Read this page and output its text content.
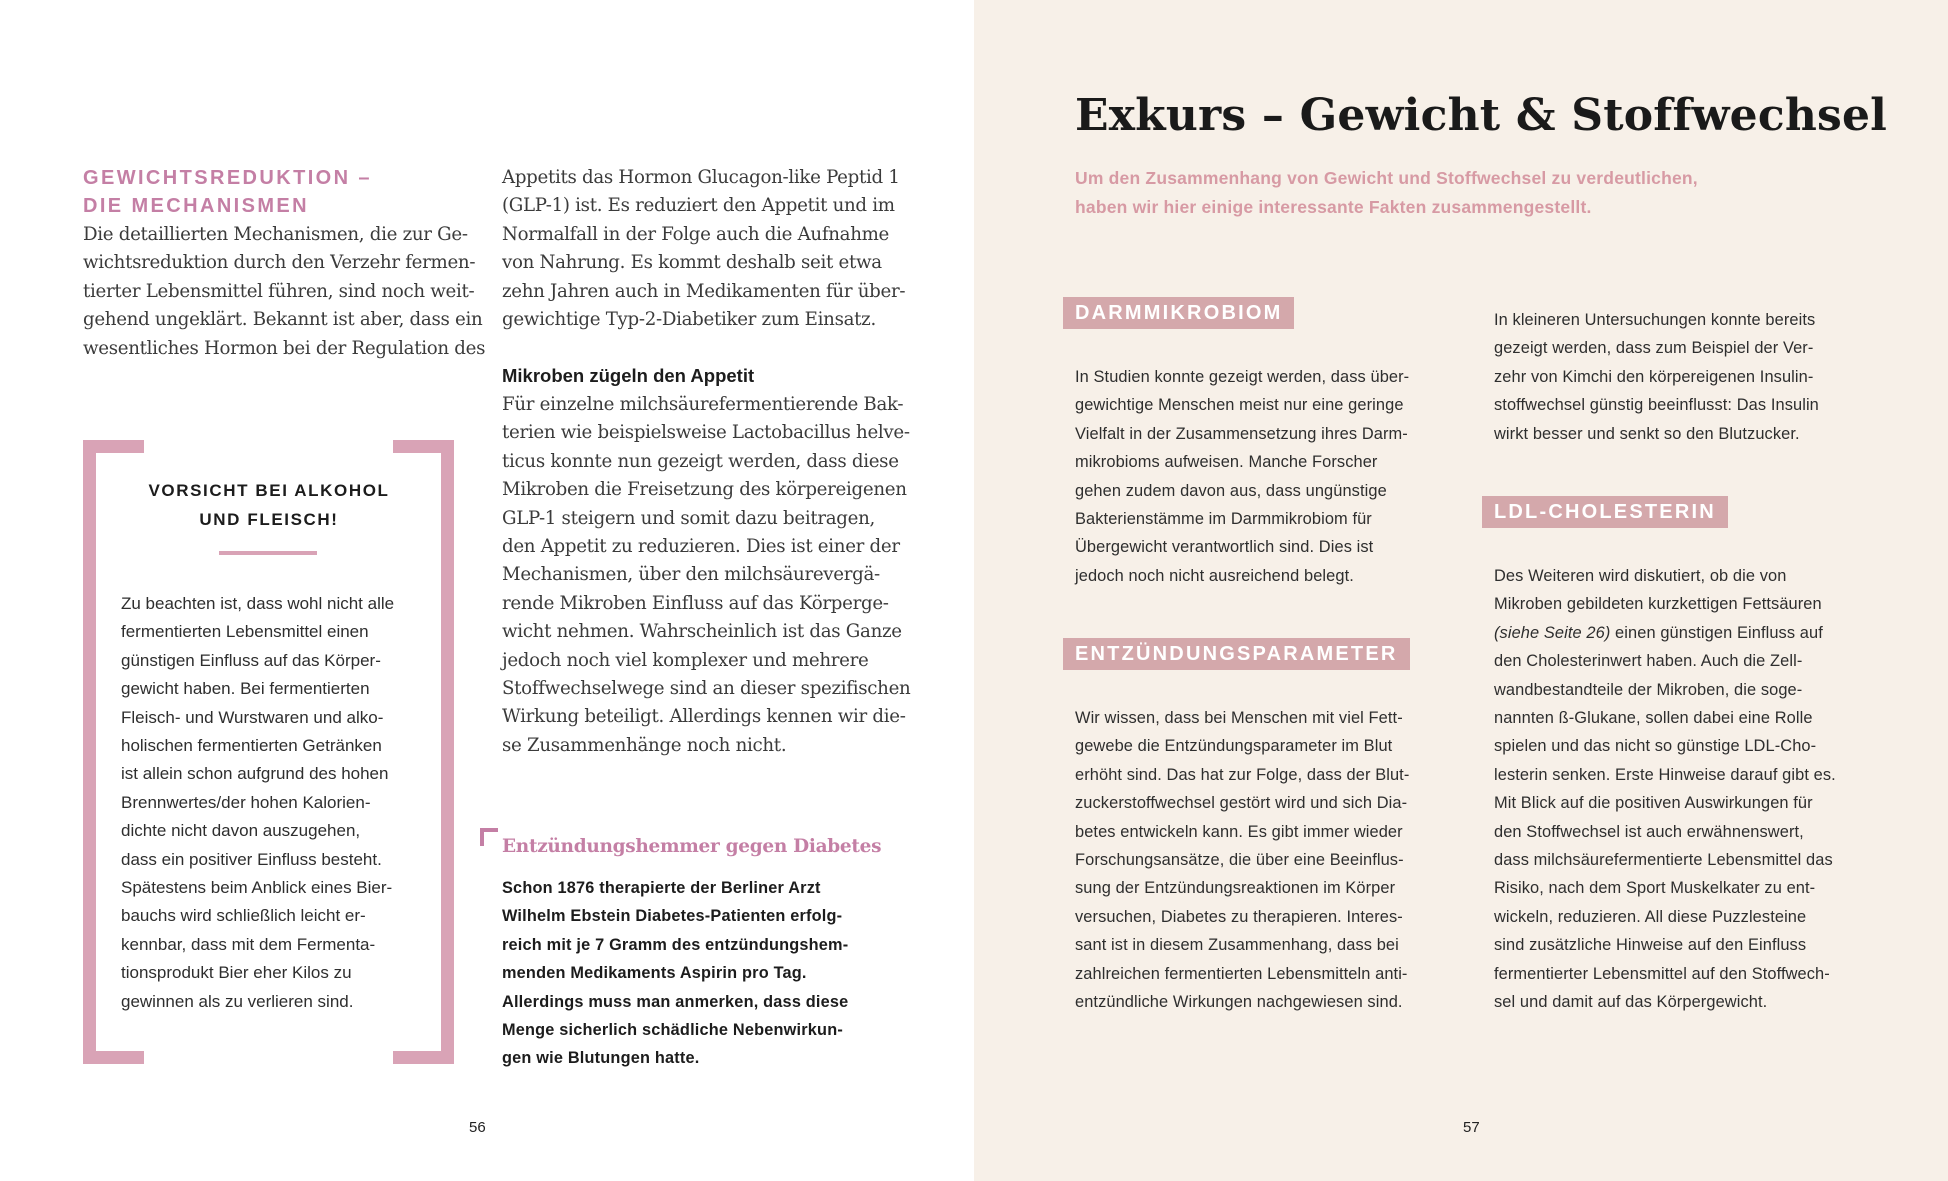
GEWICHTSREDUKTION –
DIE MECHANISMEN
Die detaillierten Mechanismen, die zur Ge-
wichtsreduktion durch den Verzehr fermen-
tierter Lebensmittel führen, sind noch weit-
gehend ungeklärt. Bekannt ist aber, dass ein
wesentliches Hormon bei der Regulation des
VORSICHT BEI ALKOHOL
UND FLEISCH!
Zu beachten ist, dass wohl nicht alle
fermentierten Lebensmittel einen
günstigen Einfluss auf das Körper-
gewicht haben. Bei fermentierten
Fleisch- und Wurstwaren und alko-
holischen fermentierten Getränken
ist allein schon aufgrund des hohen
Brennwertes/der hohen Kalorien-
dichte nicht davon auszugehen,
dass ein positiver Einfluss besteht.
Spätestens beim Anblick eines Bier-
bauchs wird schließlich leicht er-
kennbar, dass mit dem Fermenta-
tionsprodukt Bier eher Kilos zu
gewinnen als zu verlieren sind.
Appetits das Hormon Glucagon-like Peptid 1
(GLP-1) ist. Es reduziert den Appetit und im
Normalfall in der Folge auch die Aufnahme
von Nahrung. Es kommt deshalb seit etwa
zehn Jahren auch in Medikamenten für über-
gewichtige Typ-2-Diabetiker zum Einsatz.
Mikroben zügeln den Appetit
Für einzelne milchsäurefermentierende Bak-
terien wie beispielsweise Lactobacillus helve-
ticus konnte nun gezeigt werden, dass diese
Mikroben die Freisetzung des körpereigenen
GLP-1 steigern und somit dazu beitragen,
den Appetit zu reduzieren. Dies ist einer der
Mechanismen, über den milchsäurevergä-
rende Mikroben Einfluss auf das Körperge-
wicht nehmen. Wahrscheinlich ist das Ganze
jedoch noch viel komplexer und mehrere
Stoffwechselwege sind an dieser spezifischen
Wirkung beteiligt. Allerdings kennen wir die-
se Zusammenhänge noch nicht.
Entzündungshemmer gegen Diabetes
Schon 1876 therapierte der Berliner Arzt
Wilhelm Ebstein Diabetes-Patienten erfolg-
reich mit je 7 Gramm des entzündungshem-
menden Medikaments Aspirin pro Tag.
Allerdings muss man anmerken, dass diese
Menge sicherlich schädliche Nebenwirkun-
gen wie Blutungen hatte.
56
Exkurs – Gewicht & Stoffwechsel
Um den Zusammenhang von Gewicht und Stoffwechsel zu verdeutlichen,
haben wir hier einige interessante Fakten zusammengestellt.
DARMMIKROBIOM
In Studien konnte gezeigt werden, dass über-
gewichtige Menschen meist nur eine geringe
Vielfalt in der Zusammensetzung ihres Darm-
mikrobioms aufweisen. Manche Forscher
gehen zudem davon aus, dass ungünstige
Bakterienstämme im Darmmikrobiom für
Übergewicht verantwortlich sind. Dies ist
jedoch noch nicht ausreichend belegt.
ENTZÜNDUNGSPARAMETER
Wir wissen, dass bei Menschen mit viel Fett-
gewebe die Entzündungsparameter im Blut
erhöht sind. Das hat zur Folge, dass der Blut-
zuckerstoffwechsel gestört wird und sich Dia-
betes entwickeln kann. Es gibt immer wieder
Forschungsansätze, die über eine Beeinflus-
sung der Entzündungsreaktionen im Körper
versuchen, Diabetes zu therapieren. Interes-
sant ist in diesem Zusammenhang, dass bei
zahlreichen fermentierten Lebensmitteln anti-
entzündliche Wirkungen nachgewiesen sind.
In kleineren Untersuchungen konnte bereits
gezeigt werden, dass zum Beispiel der Ver-
zehr von Kimchi den körpereigenen Insulin-
stoffwechsel günstig beeinflusst: Das Insulin
wirkt besser und senkt so den Blutzucker.
LDL-CHOLESTERIN
Des Weiteren wird diskutiert, ob die von
Mikroben gebildeten kurzkettigen Fettsäuren
(siehe Seite 26) einen günstigen Einfluss auf
den Cholesterinwert haben. Auch die Zell-
wandbestandteile der Mikroben, die soge-
nannten ß-Glukane, sollen dabei eine Rolle
spielen und das nicht so günstige LDL-Cho-
lesterin senken. Erste Hinweise darauf gibt es.
Mit Blick auf die positiven Auswirkungen für
den Stoffwechsel ist auch erwähnenswert,
dass milchsäurefermentierte Lebensmittel das
Risiko, nach dem Sport Muskelkater zu ent-
wickeln, reduzieren. All diese Puzzlesteine
sind zusätzliche Hinweise auf den Einfluss
fermentierter Lebensmittel auf den Stoffwech-
sel und damit auf das Körpergewicht.
57
